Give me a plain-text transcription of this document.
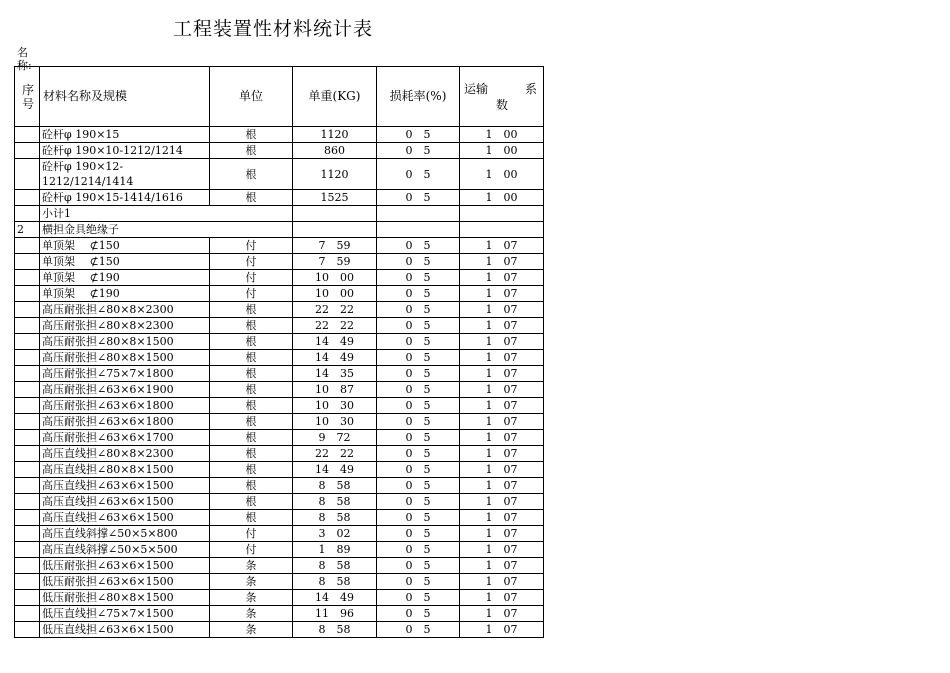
工程装置性材料统计表
名称:
序号	材料名称及规模	单位	单重(KG)	损耗率(%)	运输 系
数

	砼杆φ 190×15	根	1120	0　5	1　00
	砼杆φ 190×10-1212/1214	根	860	0　5	1　00
	砼杆φ 190×12-1212/1214/1414	根	1120	0　5	1　00
	砼杆φ 190×15-1414/1616	根	1525	0　5	1　00
	小计1				
2	横担金具绝缘子				
	单顶架　 ⊄150	付	7　59	0　5	1　07
	单顶架　 ⊄150	付	7　59	0　5	1　07
	单顶架　 ⊄190	付	10　00	0　5	1　07
	单顶架　 ⊄190	付	10　00	0　5	1　07
	高压耐张担∠80×8×2300	根	22　22	0　5	1　07
	高压耐张担∠80×8×2300	根	22　22	0　5	1　07
	高压耐张担∠80×8×1500	根	14　49	0　5	1　07
	高压耐张担∠80×8×1500	根	14　49	0　5	1　07
	高压耐张担∠75×7×1800	根	14　35	0　5	1　07
	高压耐张担∠63×6×1900	根	10　87	0　5	1　07
	高压耐张担∠63×6×1800	根	10　30	0　5	1　07
	高压耐张担∠63×6×1800	根	10　30	0　5	1　07
	高压耐张担∠63×6×1700	根	9　72	0　5	1　07
	高压直线担∠80×8×2300	根	22　22	0　5	1　07
	高压直线担∠80×8×1500	根	14　49	0　5	1　07
	高压直线担∠63×6×1500	根	8　58	0　5	1　07
	高压直线担∠63×6×1500	根	8　58	0　5	1　07
	高压直线担∠63×6×1500	根	8　58	0　5	1　07
	高压直线斜撑∠50×5×800	付	3　02	0　5	1　07
	高压直线斜撑∠50×5×500	付	1　89	0　5	1　07
	低压耐张担∠63×6×1500	条	8　58	0　5	1　07
	低压耐张担∠63×6×1500	条	8　58	0　5	1　07
	低压耐张担∠80×8×1500	条	14　49	0　5	1　07
	低压直线担∠75×7×1500	条	11　96	0　5	1　07
	低压直线担∠63×6×1500	条	8　58	0　5	1　07
